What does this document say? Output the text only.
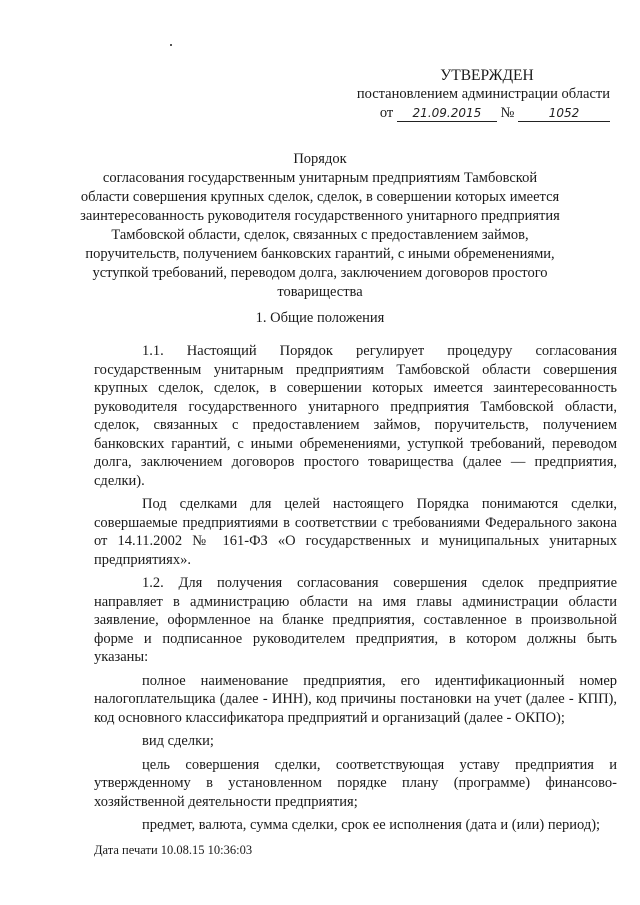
УТВЕРЖДЕН
постановлением администрации области
от 21.09.2015 №	1052
Порядок
согласования государственным унитарным предприятиям Тамбовской области совершения крупных сделок, сделок, в совершении которых имеется заинтересованность руководителя государственного унитарного предприятия Тамбовской области, сделок, связанных с предоставлением займов, поручительств, получением банковских гарантий, с иными обременениями, уступкой требований, переводом долга, заключением договоров простого товарищества
1. Общие положения

1.1. Настоящий Порядок регулирует процедуру согласования государственным унитарным предприятиям Тамбовской области совершения крупных сделок, сделок, в совершении которых имеется заинтересованность руководителя государственного унитарного предприятия Тамбовской области, сделок, связанных с предоставлением займов, поручительств, получением банковских гарантий, с иными обременениями, уступкой требований, переводом долга, заключением договоров простого товарищества (далее — предприятия, сделки).

Под сделками для целей настоящего Порядка понимаются сделки, совершаемые предприятиями в соответствии с требованиями Федерального закона от 14.11.2002 № 161-ФЗ «О государственных и муниципальных унитарных предприятиях».

1.2. Для получения согласования совершения сделок предприятие направляет в администрацию области на имя главы администрации области заявление, оформленное на бланке предприятия, составленное в произвольной форме и подписанное руководителем предприятия, в котором должны быть указаны:

полное наименование предприятия, его идентификационный номер налогоплательщика (далее - ИНН), код причины постановки на учет (далее - КПП), код основного классификатора предприятий и организаций (далее - ОКПО);

вид сделки;

цель совершения сделки, соответствующая уставу предприятия и утвержденному в установленном порядке плану (программе) финансово-хозяйственной деятельности предприятия;

предмет, валюта, сумма сделки, срок ее исполнения (дата и (или) период);

Дата печати 10.08.15 10:36:03
